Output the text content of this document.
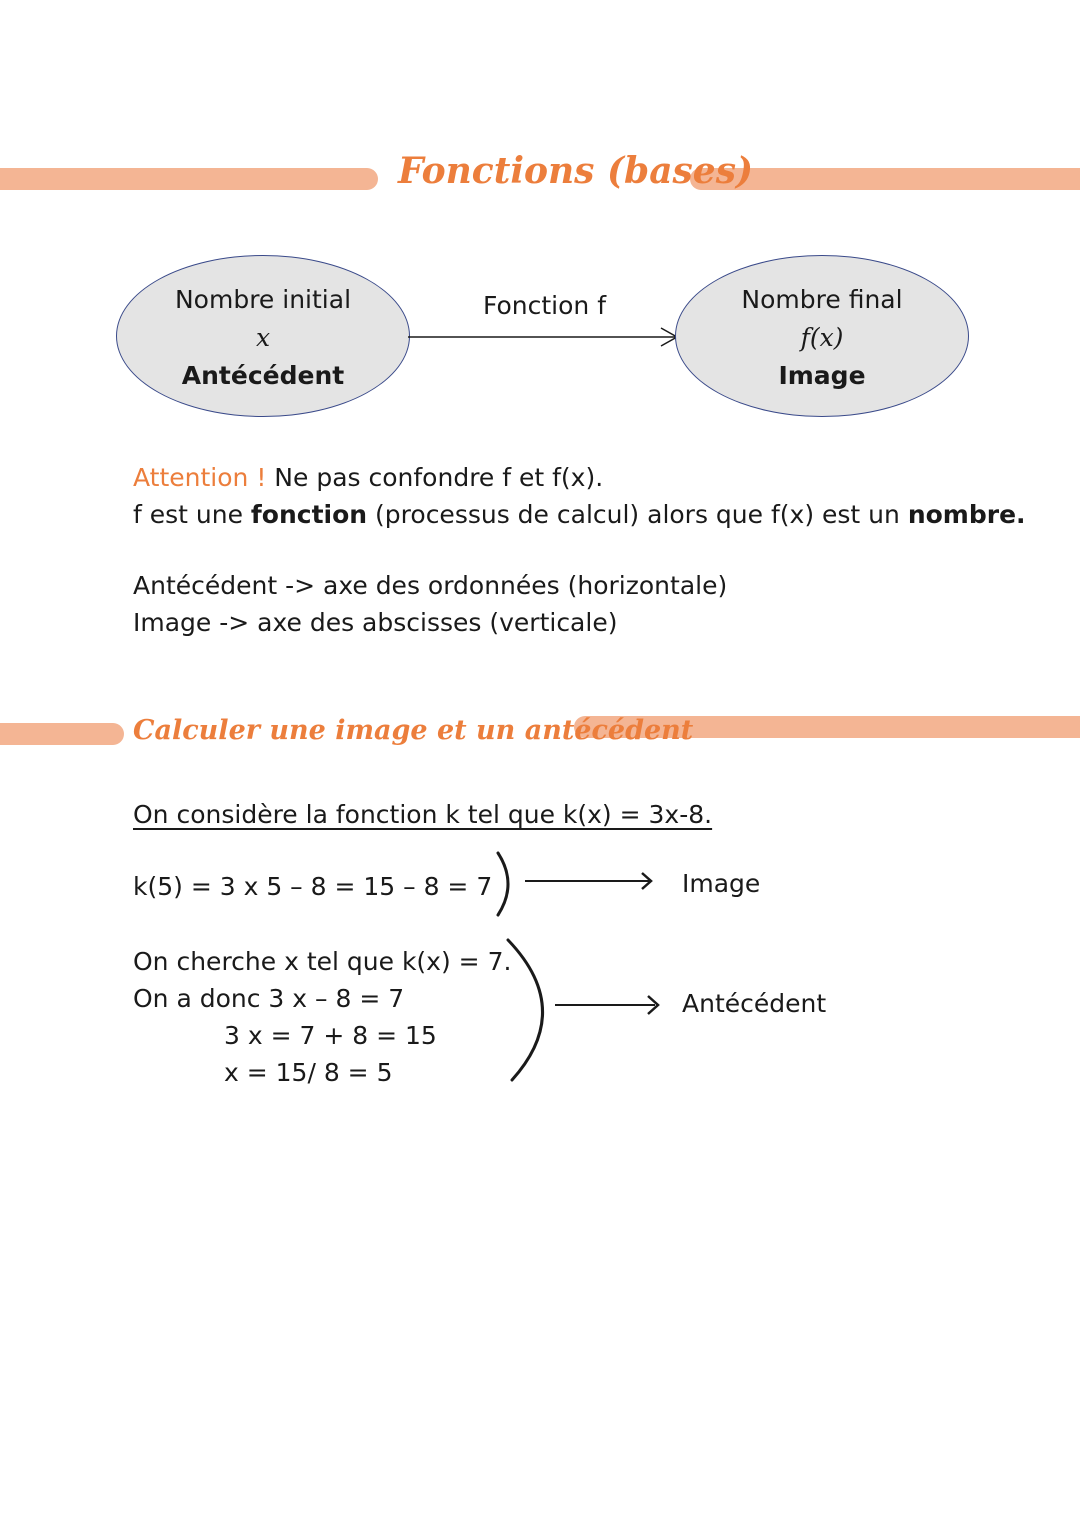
Fonctions (bases)
Nombre initial
x
Antécédent
Fonction f	Nombre final
f(x)
Image
Attention ! Ne pas confondre f et f(x).
f est une fonction (processus de calcul) alors que f(x) est un nombre.
Antécédent -> axe des ordonnées (horizontale)
Image -> axe des abscisses (verticale)
Calculer une image et un antécédent
On considère la fonction k tel que k(x) = 3x-8.
k(5) = 3 x 5 – 8 = 15 – 8 = 7	Image
On cherche x tel que k(x) = 7.
On a donc 3 x – 8 = 7
3 x = 7 + 8 = 15
x = 15/ 8 = 5
Antécédent
